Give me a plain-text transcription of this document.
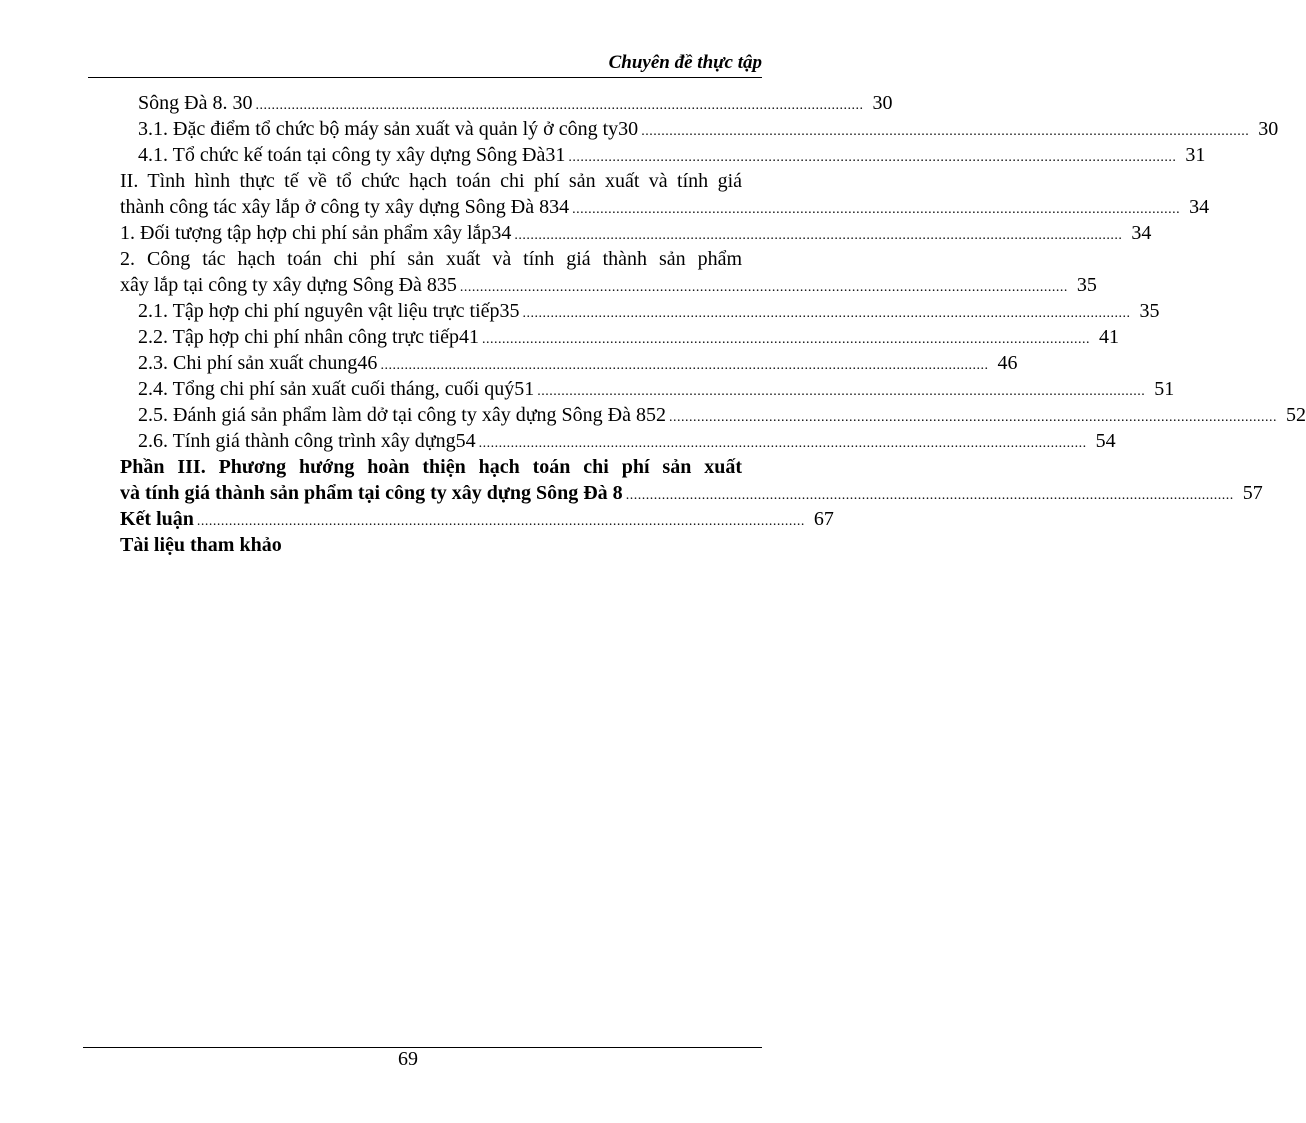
Chuyên đề thực tập
Sông Đà 8. 30 ........................................................................................................................................................ 30
3.1. Đặc điểm tổ chức bộ máy sản xuất và quản lý ở công ty30 ........................................................................................................................................................ 30
4.1. Tổ chức kế toán tại công ty xây dựng Sông Đà31 ........................................................................................................................................................ 31
II. Tình hình thực tế về tổ chức hạch toán chi phí sản xuất và tính giá
thành công tác xây lắp ở công ty xây dựng Sông Đà 834 ........................................................................................................................................................ 34
1. Đối tượng tập hợp chi phí sản phẩm xây lắp34 ........................................................................................................................................................ 34
2. Công tác hạch toán chi phí sản xuất và tính giá thành sản phẩm
xây lắp tại công ty xây dựng Sông Đà 835 ........................................................................................................................................................ 35
2.1. Tập hợp chi phí nguyên vật liệu trực tiếp35 ........................................................................................................................................................ 35
2.2. Tập hợp chi phí nhân công trực tiếp41 ........................................................................................................................................................ 41
2.3. Chi phí sản xuất chung46 ........................................................................................................................................................ 46
2.4. Tổng chi phí sản xuất cuối tháng, cuối quý51 ........................................................................................................................................................ 51
2.5. Đánh giá sản phẩm làm dở tại công ty xây dựng Sông Đà 852 ........................................................................................................................................................ 52
2.6. Tính giá thành công trình xây dựng54 ........................................................................................................................................................ 54
Phần III. Phương hướng hoàn thiện hạch toán chi phí sản xuất
và tính giá thành sản phẩm tại công ty xây dựng Sông Đà 8 ........................................................................................................................................................ 57
Kết luận ........................................................................................................................................................ 67
Tài liệu tham khảo
69
